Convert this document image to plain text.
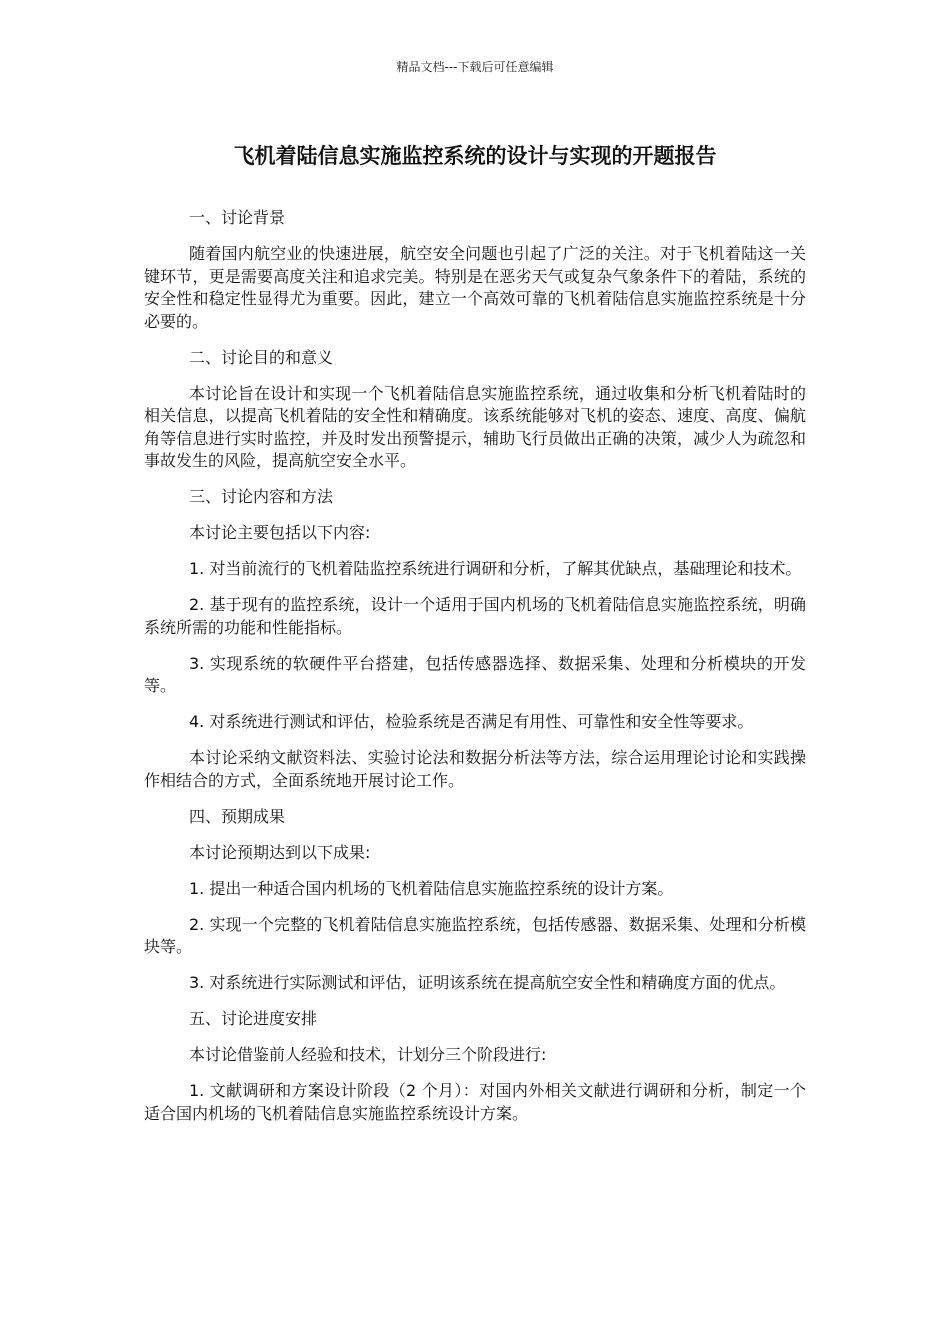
精品文档---下载后可任意编辑
飞机着陆信息实施监控系统的设计与实现的开题报告

一、讨论背景

随着国内航空业的快速进展，航空安全问题也引起了广泛的关注。对于飞机着陆这一关键环节，更是需要高度关注和追求完美。特别是在恶劣天气或复杂气象条件下的着陆，系统的安全性和稳定性显得尤为重要。因此，建立一个高效可靠的飞机着陆信息实施监控系统是十分必要的。

二、讨论目的和意义

本讨论旨在设计和实现一个飞机着陆信息实施监控系统，通过收集和分析飞机着陆时的相关信息，以提高飞机着陆的安全性和精确度。该系统能够对飞机的姿态、速度、高度、偏航角等信息进行实时监控，并及时发出预警提示，辅助飞行员做出正确的决策，减少人为疏忽和事故发生的风险，提高航空安全水平。

三、讨论内容和方法

本讨论主要包括以下内容:

1. 对当前流行的飞机着陆监控系统进行调研和分析，了解其优缺点，基础理论和技术。

2. 基于现有的监控系统，设计一个适用于国内机场的飞机着陆信息实施监控系统，明确系统所需的功能和性能指标。

3. 实现系统的软硬件平台搭建，包括传感器选择、数据采集、处理和分析模块的开发等。

4. 对系统进行测试和评估，检验系统是否满足有用性、可靠性和安全性等要求。

本讨论采纳文献资料法、实验讨论法和数据分析法等方法，综合运用理论讨论和实践操作相结合的方式，全面系统地开展讨论工作。

四、预期成果

本讨论预期达到以下成果:

1. 提出一种适合国内机场的飞机着陆信息实施监控系统的设计方案。

2. 实现一个完整的飞机着陆信息实施监控系统，包括传感器、数据采集、处理和分析模块等。

3. 对系统进行实际测试和评估，证明该系统在提高航空安全性和精确度方面的优点。

五、讨论进度安排

本讨论借鉴前人经验和技术，计划分三个阶段进行:

1. 文献调研和方案设计阶段（2 个月）：对国内外相关文献进行调研和分析，制定一个适合国内机场的飞机着陆信息实施监控系统设计方案。
